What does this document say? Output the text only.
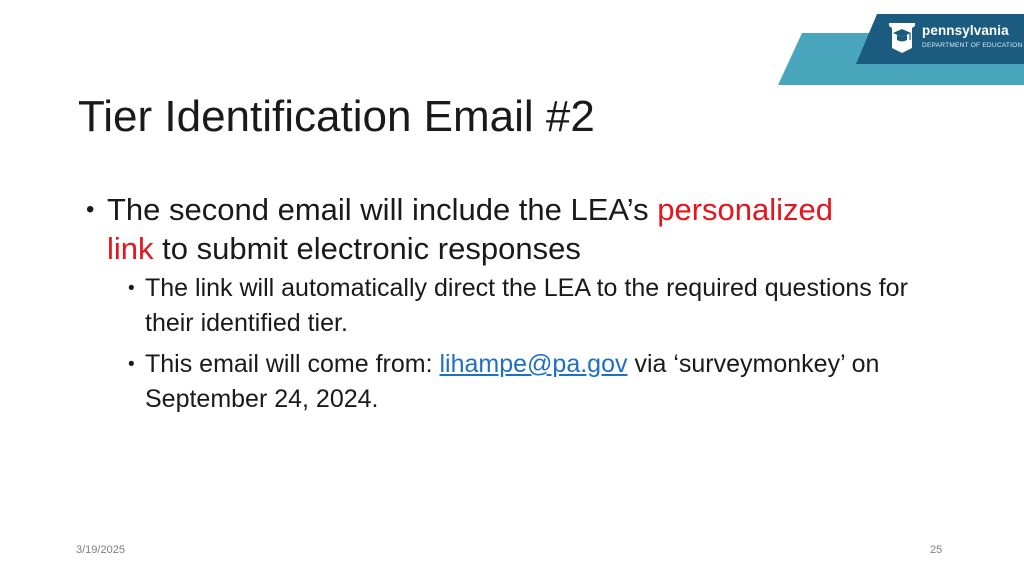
pennsylvania
DEPARTMENT OF EDUCATION
Tier Identification Email #2
• The second email will include the LEA’s personalized
link to submit electronic responses
• The link will automatically direct the LEA to the required questions for their identified tier.
• This email will come from: lihampe@pa.gov via ‘surveymonkey’ on September 24, 2024.
3/19/2025	25
